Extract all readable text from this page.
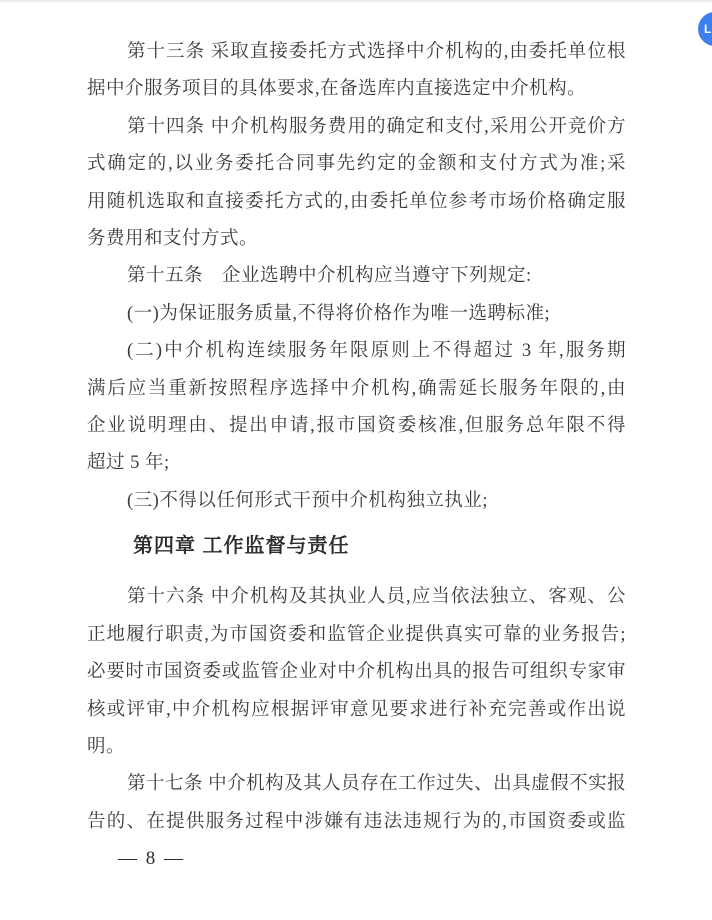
第十三条 采取直接委托方式选择中介机构的,由委托单位根
据中介服务项目的具体要求,在备选库内直接选定中介机构。
第十四条 中介机构服务费用的确定和支付,采用公开竞价方
式确定的,以业务委托合同事先约定的金额和支付方式为准;采
用随机选取和直接委托方式的,由委托单位参考市场价格确定服
务费用和支付方式。
第十五条　企业选聘中介机构应当遵守下列规定:
(一)为保证服务质量,不得将价格作为唯一选聘标准;
(二)中介机构连续服务年限原则上不得超过 3 年,服务期
满后应当重新按照程序选择中介机构,确需延长服务年限的,由
企业说明理由、提出申请,报市国资委核准,但服务总年限不得
超过 5 年;
(三)不得以任何形式干预中介机构独立执业;
第四章 工作监督与责任
第十六条 中介机构及其执业人员,应当依法独立、客观、公
正地履行职责,为市国资委和监管企业提供真实可靠的业务报告;
必要时市国资委或监管企业对中介机构出具的报告可组织专家审
核或评审,中介机构应根据评审意见要求进行补充完善或作出说
明。
第十七条 中介机构及其人员存在工作过失、出具虚假不实报
告的、在提供服务过程中涉嫌有违法违规行为的,市国资委或监
— 8 —
L
